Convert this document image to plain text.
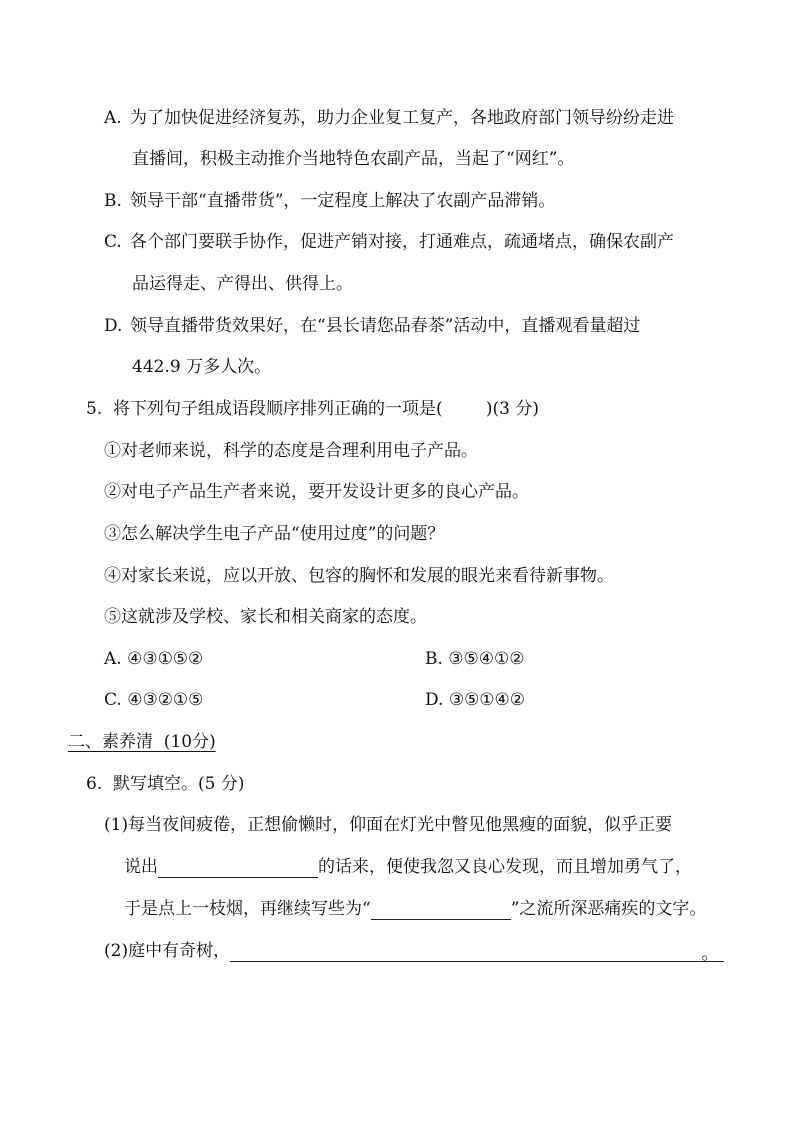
A. 为了加快促进经济复苏，助力企业复工复产，各地政府部门领导纷纷走进
直播间，积极主动推介当地特色农副产品，当起了“网红”。
B. 领导干部“直播带货”，一定程度上解决了农副产品滞销。
C. 各个部门要联手协作，促进产销对接，打通难点，疏通堵点，确保农副产
品运得走、产得出、供得上。
D. 领导直播带货效果好，在“县长请您品春茶”活动中，直播观看量超过
442.9 万多人次。
5.  将下列句子组成语段顺序排列正确的一项是(        )(3 分)
①对老师来说，科学的态度是合理利用电子产品。
②对电子产品生产者来说，要开发设计更多的良心产品。
③怎么解决学生电子产品“使用过度”的问题？
④对家长来说，应以开放、包容的胸怀和发展的眼光来看待新事物。
⑤这就涉及学校、家长和相关商家的态度。
A. ④③①⑤②	B. ③⑤④①②
C. ④③②①⑤	D. ③⑤①④②
二、素养清  (10分)
6.  默写填空。(5 分)
(1)每当夜间疲倦，正想偷懒时，仰面在灯光中瞥见他黑瘦的面貌，似乎正要
说出	的话来，便使我忽又良心发现，而且增加勇气了，
于是点上一枝烟，再继续写些为“	”之流所深恶痛疾的文字。
(2)庭中有奇树，	。
